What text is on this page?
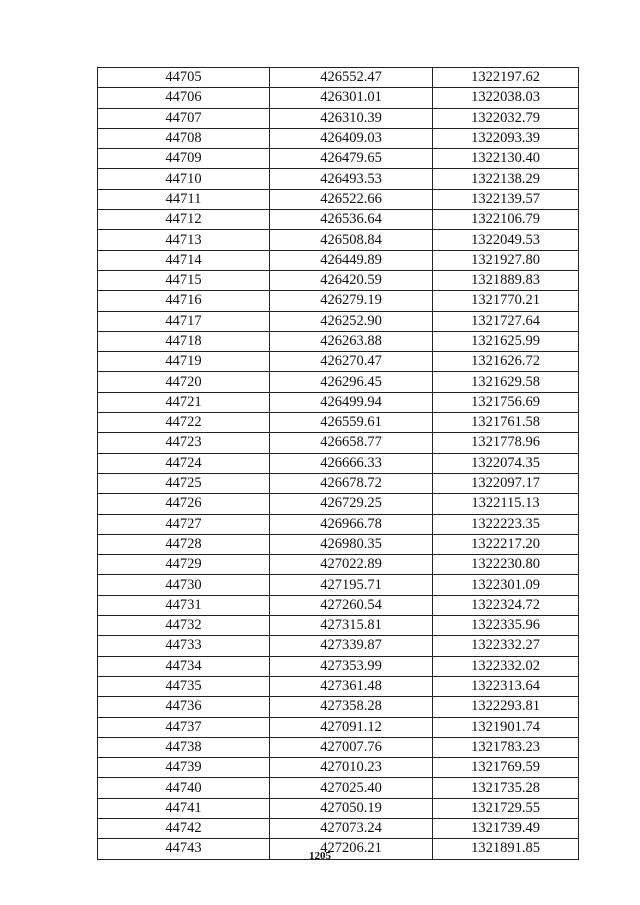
44705	426552.47	1322197.62
44706	426301.01	1322038.03
44707	426310.39	1322032.79
44708	426409.03	1322093.39
44709	426479.65	1322130.40
44710	426493.53	1322138.29
44711	426522.66	1322139.57
44712	426536.64	1322106.79
44713	426508.84	1322049.53
44714	426449.89	1321927.80
44715	426420.59	1321889.83
44716	426279.19	1321770.21
44717	426252.90	1321727.64
44718	426263.88	1321625.99
44719	426270.47	1321626.72
44720	426296.45	1321629.58
44721	426499.94	1321756.69
44722	426559.61	1321761.58
44723	426658.77	1321778.96
44724	426666.33	1322074.35
44725	426678.72	1322097.17
44726	426729.25	1322115.13
44727	426966.78	1322223.35
44728	426980.35	1322217.20
44729	427022.89	1322230.80
44730	427195.71	1322301.09
44731	427260.54	1322324.72
44732	427315.81	1322335.96
44733	427339.87	1322332.27
44734	427353.99	1322332.02
44735	427361.48	1322313.64
44736	427358.28	1322293.81
44737	427091.12	1321901.74
44738	427007.76	1321783.23
44739	427010.23	1321769.59
44740	427025.40	1321735.28
44741	427050.19	1321729.55
44742	427073.24	1321739.49
44743	427206.21	1321891.85
1205
